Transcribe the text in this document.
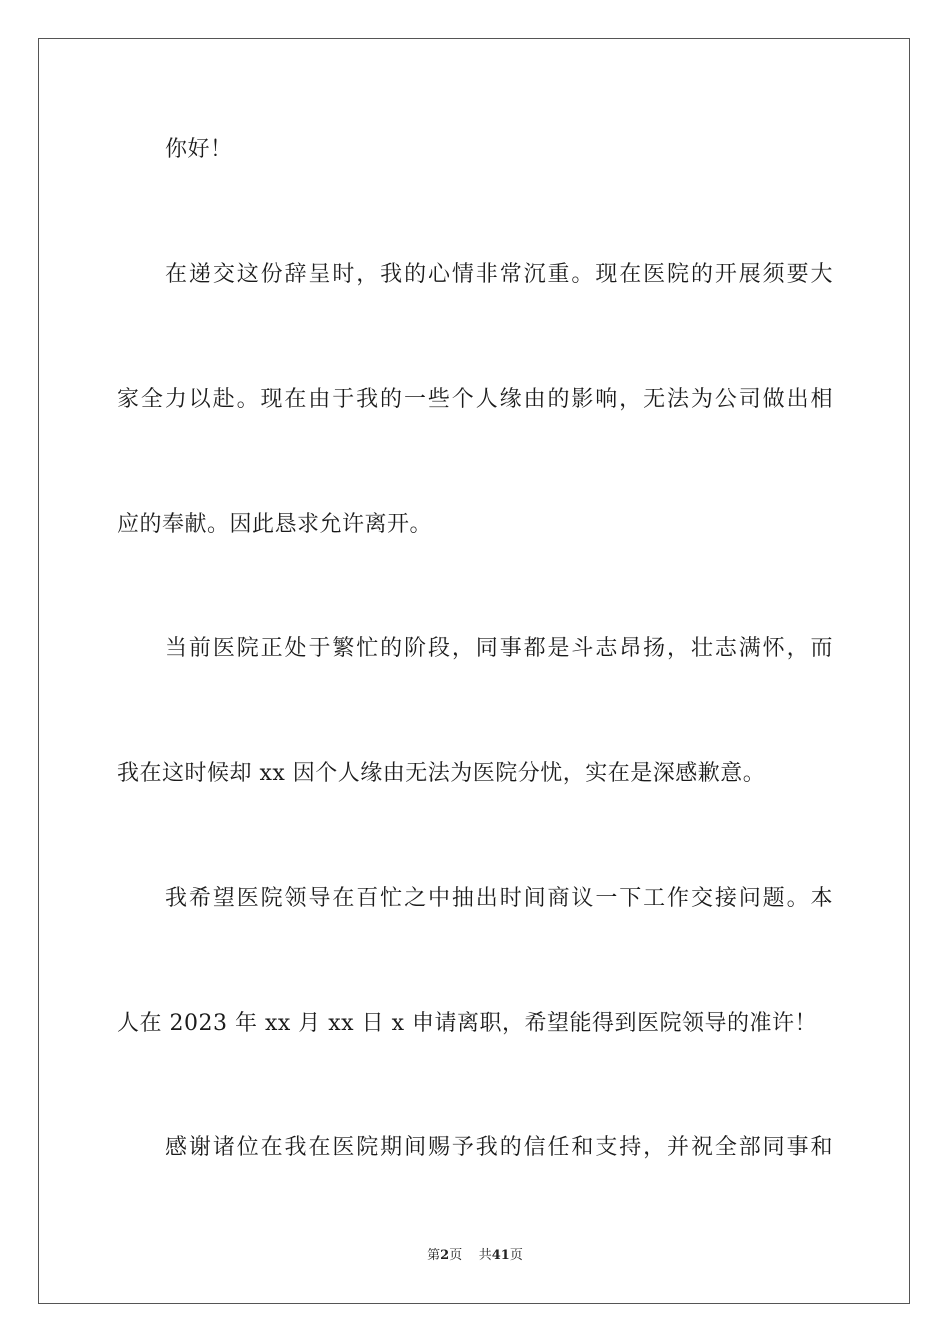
你好！
在递交这份辞呈时，我的心情非常沉重。现在医院的开展须要大
家全力以赴。现在由于我的一些个人缘由的影响，无法为公司做出相
应的奉献。因此恳求允许离开。
当前医院正处于繁忙的阶段，同事都是斗志昂扬，壮志满怀，而
我在这时候却 xx 因个人缘由无法为医院分忧，实在是深感歉意。
我希望医院领导在百忙之中抽出时间商议一下工作交接问题。本
人在 2023 年 xx 月 xx 日 x 申请离职，希望能得到医院领导的准许！
感谢诸位在我在医院期间赐予我的信任和支持，并祝全部同事和
第2页 共41页
